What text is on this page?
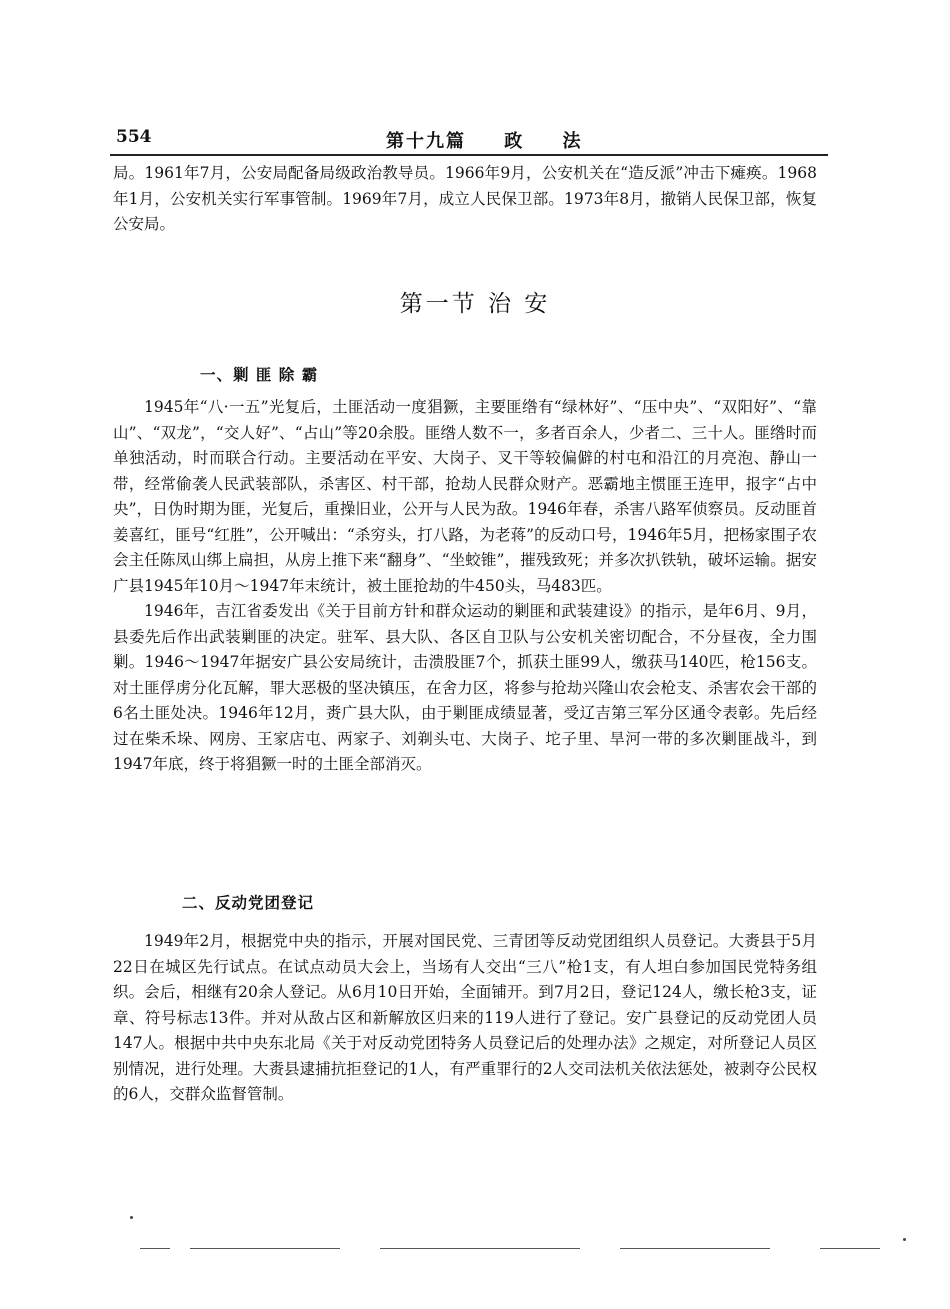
554	第十九篇 政 法

局。1961年7月，公安局配备局级政治教导员。1966年9月，公安机关在“造反派”冲击下瘫痪。1968年1月，公安机关实行军事管制。1969年7月，成立人民保卫部。1973年8月，撤销人民保卫部，恢复公安局。

第一节 治 安
一、剿 匪 除 霸

1945年“八·一五”光复后，土匪活动一度猖獗，主要匪绺有“绿林好”、“压中央”、“双阳好”、“靠山”、“双龙”，“交人好”、“占山”等20余股。匪绺人数不一，多者百余人，少者二、三十人。匪绺时而单独活动，时而联合行动。主要活动在平安、大岗子、叉干等较偏僻的村屯和沿江的月亮泡、静山一带，经常偷袭人民武装部队，杀害区、村干部，抢劫人民群众财产。恶霸地主惯匪王连甲，报字“占中央”，日伪时期为匪，光复后，重操旧业，公开与人民为敌。1946年春，杀害八路军侦察员。反动匪首姜喜红，匪号“红胜”，公开喊出：“杀穷头，打八路，为老蒋”的反动口号，1946年5月，把杨家围子农会主任陈凤山绑上扁担，从房上推下来“翻身”、“坐蛟锥”，摧残致死；并多次扒铁轨，破坏运输。据安广县1945年10月～1947年末统计，被土匪抢劫的牛450头，马483匹。

1946年，吉江省委发出《关于目前方针和群众运动的剿匪和武装建设》的指示，是年6月、9月，县委先后作出武装剿匪的决定。驻军、县大队、各区自卫队与公安机关密切配合，不分昼夜，全力围剿。1946～1947年据安广县公安局统计，击溃股匪7个，抓获土匪99人，缴获马140匹，枪156支。对土匪俘虏分化瓦解，罪大恶极的坚决镇压，在舍力区，将参与抢劫兴隆山农会枪支、杀害农会干部的6名土匪处决。1946年12月，赉广县大队，由于剿匪成绩显著，受辽吉第三军分区通令表彰。先后经过在柴禾垛、网房、王家店屯、两家子、刘剃头屯、大岗子、坨子里、旱河一带的多次剿匪战斗，到1947年底，终于将猖獗一时的土匪全部消灭。

二、反动党团登记

1949年2月，根据党中央的指示，开展对国民党、三青团等反动党团组织人员登记。大赉县于5月22日在城区先行试点。在试点动员大会上，当场有人交出“三八”枪1支，有人坦白参加国民党特务组织。会后，相继有20余人登记。从6月10日开始，全面铺开。到7月2日，登记124人，缴长枪3支，证章、符号标志13件。并对从敌占区和新解放区归来的119人进行了登记。安广县登记的反动党团人员147人。根据中共中央东北局《关于对反动党团特务人员登记后的处理办法》之规定，对所登记人员区别情况，进行处理。大赉县逮捕抗拒登记的1人，有严重罪行的2人交司法机关依法惩处，被剥夺公民权的6人，交群众监督管制。
